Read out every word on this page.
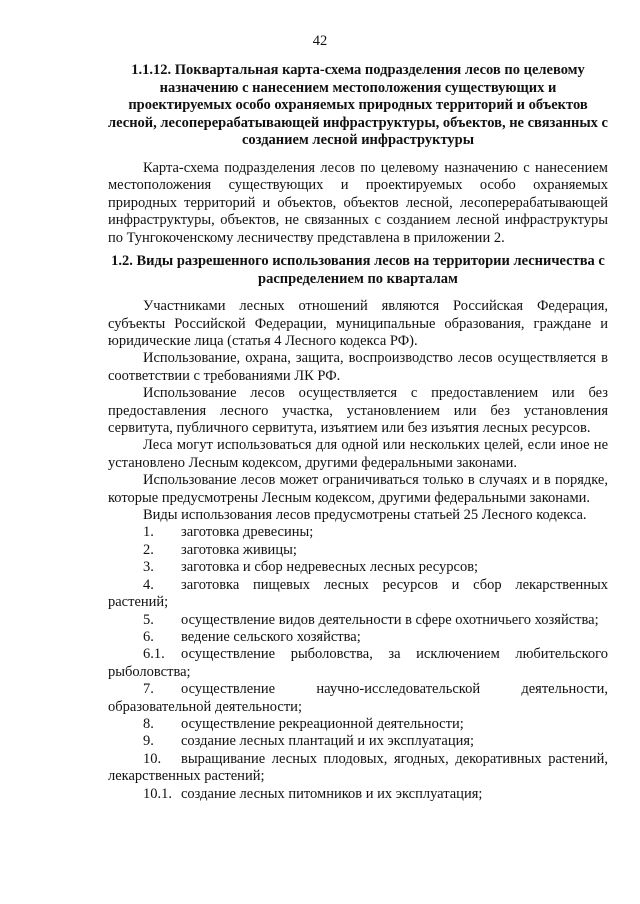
42

1.1.12. Поквартальная карта-схема подразделения лесов по целевому назначению с нанесением местоположения существующих и проектируемых особо охраняемых природных территорий и объектов лесной, лесоперерабатывающей инфраструктуры, объектов, не связанных с созданием лесной инфраструктуры

Карта-схема подразделения лесов по целевому назначению с нанесением местоположения существующих и проектируемых особо охраняемых природных территорий и объектов, объектов лесной, лесоперерабатывающей инфраструктуры, объектов, не связанных с созданием лесной инфраструктуры по Тунгокоченскому лесничеству представлена в приложении 2.

1.2. Виды разрешенного использования лесов на территории лесничества с распределением по кварталам

Участниками лесных отношений являются Российская Федерация, субъекты Российской Федерации, муниципальные образования, граждане и юридические лица (статья 4 Лесного кодекса РФ).

Использование, охрана, защита, воспроизводство лесов осуществляется в соответствии с требованиями ЛК РФ.

Использование лесов осуществляется с предоставлением или без предоставления лесного участка, установлением или без установления сервитута, публичного сервитута, изъятием или без изъятия лесных ресурсов.

Леса могут использоваться для одной или нескольких целей, если иное не установлено Лесным кодексом, другими федеральными законами.

Использование лесов может ограничиваться только в случаях и в порядке, которые предусмотрены Лесным кодексом, другими федеральными законами.

Виды использования лесов предусмотрены статьей 25 Лесного кодекса.

1. заготовка древесины;

2. заготовка живицы;

3. заготовка и сбор недревесных лесных ресурсов;

4. заготовка пищевых лесных ресурсов и сбор лекарственных растений;

5. осуществление видов деятельности в сфере охотничьего хозяйства;

6. ведение сельского хозяйства;

6.1. осуществление рыболовства, за исключением любительского рыболовства;

7. осуществление научно-исследовательской деятельности, образовательной деятельности;

8. осуществление рекреационной деятельности;

9. создание лесных плантаций и их эксплуатация;

10. выращивание лесных плодовых, ягодных, декоративных растений, лекарственных растений;

10.1. создание лесных питомников и их эксплуатация;
